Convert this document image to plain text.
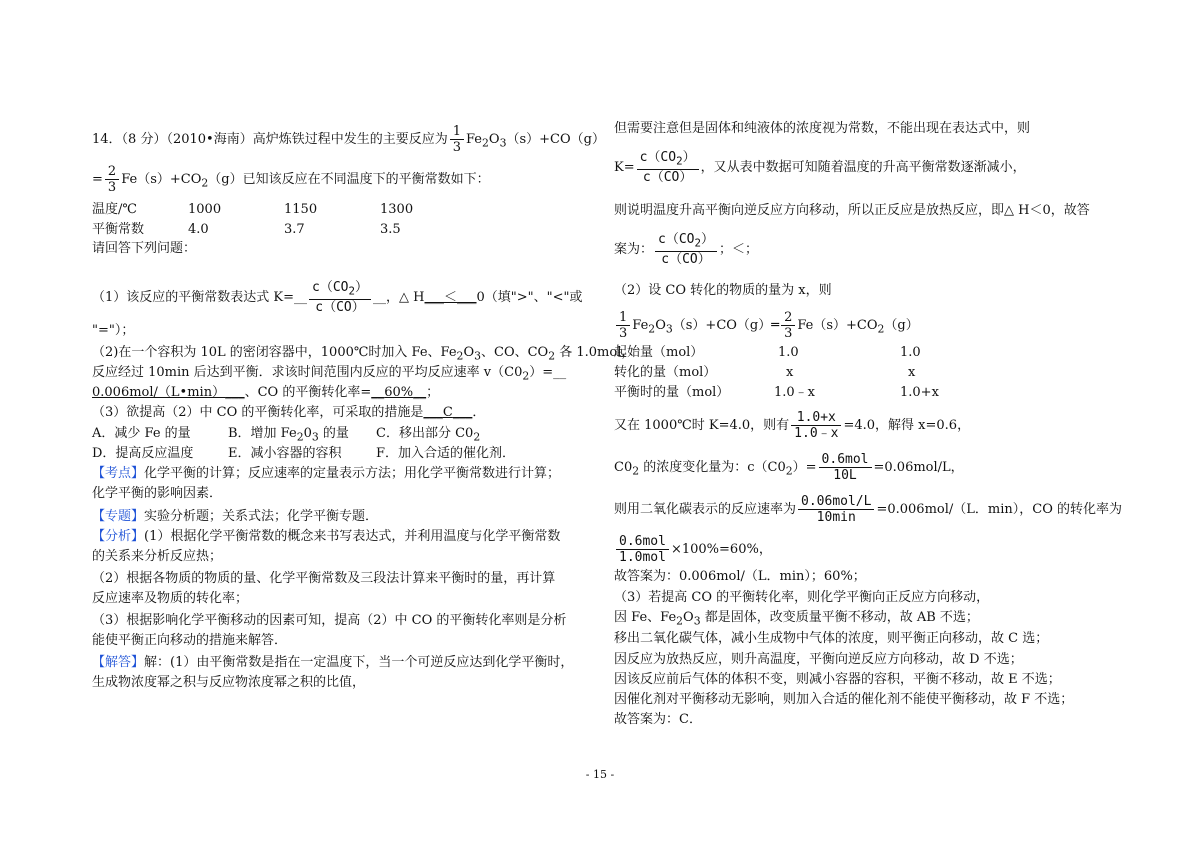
14．（8 分）（2010•海南）高炉炼铁过程中发生的主要反应为 $\frac{1}{3} Fe_2O_3(s)+CO(g)$
= $\frac{2}{3} Fe(s)+CO_2(g)$已知该反应在不同温度下的平衡常数如下：
温度/℃	1000	1150	1300
平衡常数	4.0	3.7	3.5
请回答下列问题：
（1）该反应的平衡常数表达式 K=__ $\frac{c(CO_2)}{c(CO)}$ __，△ H___＜___0（填">"、"<"或
"="）；
（2)在一个容积为 10L 的密闭容器中，1000℃时加入 Fe、$Fe_2O_3$、CO、$CO_2$ 各 1.0mol，
反应经过 10min 后达到平衡．求该时间范围内反应的平均反应速率 $v(C0_2)=\_\_$
0.006mol/（L•min）___、CO 的平衡转化率=__60%__；
（3）欲提高（2）中 CO 的平衡转化率，可采取的措施是___C___．
A．减少 Fe 的量	B．增加 $Fe_20_3$ 的量 C．移出部分 $C0_2$
D．提高反应温度	E．减小容器的容积	F．加入合适的催化剂．
【考点】化学平衡的计算；反应速率的定量表示方法；用化学平衡常数进行计算；
化学平衡的影响因素．
【专题】实验分析题；关系式法；化学平衡专题．
【分析】(1）根据化学平衡常数的概念来书写表达式，并利用温度与化学平衡常数
的关系来分析反应热；
（2）根据各物质的物质的量、化学平衡常数及三段法计算来平衡时的量，再计算
反应速率及物质的转化率；
（3）根据影响化学平衡移动的因素可知，提高（2）中 CO 的平衡转化率则是分析
能使平衡正向移动的措施来解答．
【解答】解：(1）由平衡常数是指在一定温度下，当一个可逆反应达到化学平衡时，
生成物浓度幂之积与反应物浓度幂之积的比值，
但需要注意但是固体和纯液体的浓度视为常数，不能出现在表达式中，则
$K= \frac{c(CO_2)}{c(CO)}$ ，又从表中数据可知随着温度的升高平衡常数逐渐减小，
则说明温度升高平衡向逆反应方向移动，所以正反应是放热反应，即△ H＜0，故答
案为： $\frac{c(CO_2)}{c(CO)}$ ；＜；
（2）设 CO 转化的物质的量为 x，则
$\frac{1}{3}$ $Fe_2O_3(s)+CO(g)═ \frac{2}{3} Fe(s)+CO_2(g)$
起始量（mol）	1.0	1.0
转化的量（mol）	x	x
平衡时的量（mol）	1.0﹣x	1.0+x
又在 1000℃时 K=4.0，则有 $\frac{1.0+x}{1.0﹣x} =4.0$，解得 x=0.6，
$C0_2$ 的浓度变化量为：$c(C0_2)= \frac{\text{0.6mol}}{10L} =0.06mol/L$，
则用二氧化碳表示的反应速率为 $\frac{\text{0.06mol/L}}{10\min} =0.006mol/(L$．min），CO 的转化率为
$\frac{\text{0.6mol}}{\text{1.0mol}} \times 100\%=60\%$，
故答案为：0.006mol/（L．min）；60%；
（3）若提高 CO 的平衡转化率，则化学平衡向正反应方向移动，
因 Fe、$Fe_2O_3$ 都是固体，改变质量平衡不移动，故 AB 不选；
移出二氧化碳气体，减小生成物中气体的浓度，则平衡正向移动，故 C 选；
因反应为放热反应，则升高温度，平衡向逆反应方向移动，故 D 不选；
因该反应前后气体的体积不变，则减小容器的容积，平衡不移动，故 E 不选；
因催化剂对平衡移动无影响，则加入合适的催化剂不能使平衡移动，故 F 不选；
故答案为：C．
- 15 -
